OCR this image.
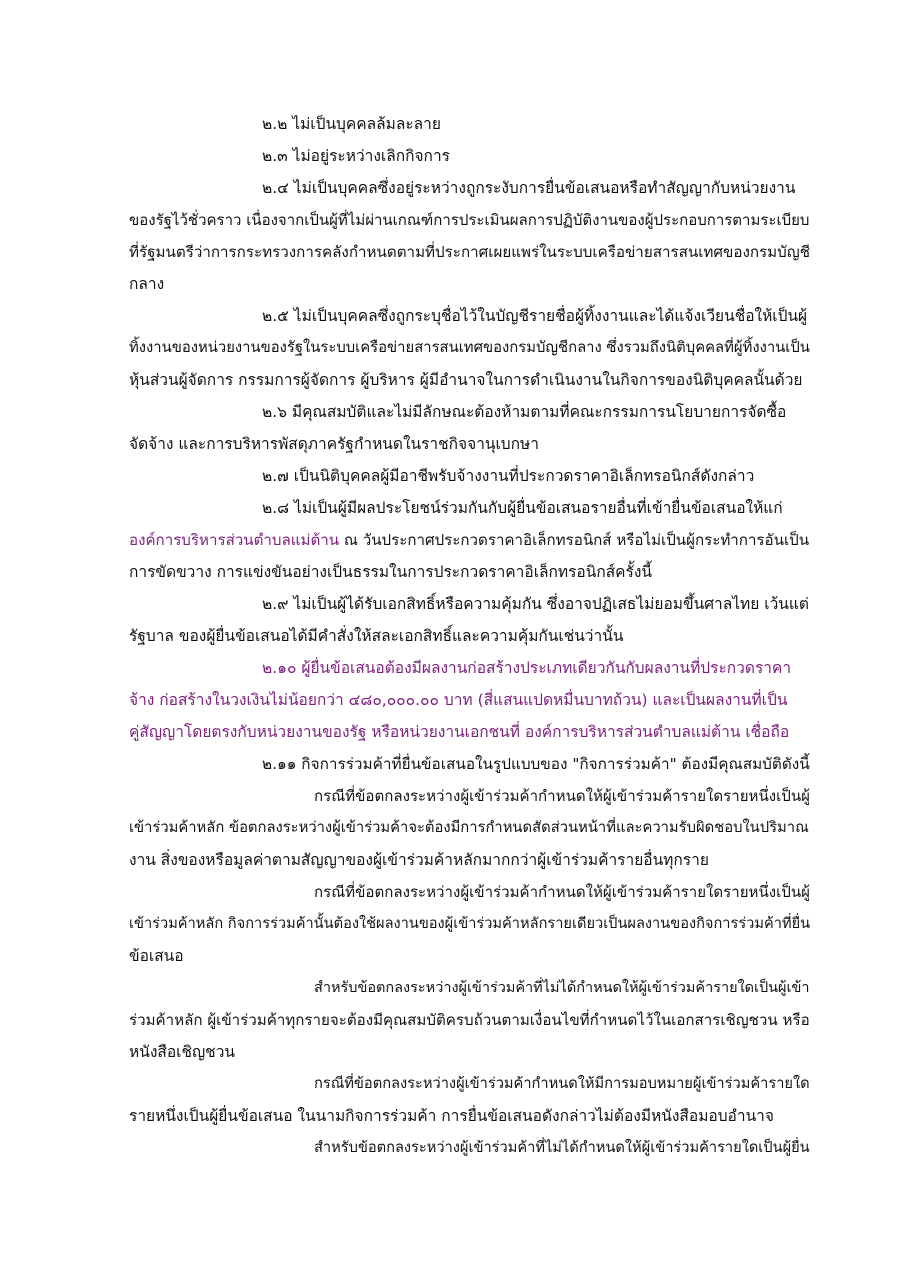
๒.๒ ไม่เป็นบุคคลล้มละลาย
๒.๓ ไม่อยู่ระหว่างเลิกกิจการ
๒.๔ ไม่เป็นบุคคลซึ่งอยู่ระหว่างถูกระงับการยื่นข้อเสนอหรือทำสัญญากับหน่วยงาน
ของรัฐไว้ชั่วคราว เนื่องจากเป็นผู้ที่ไม่ผ่านเกณฑ์การประเมินผลการปฏิบัติงานของผู้ประกอบการตามระเบียบ
ที่รัฐมนตรีว่าการกระทรวงการคลังกำหนดตามที่ประกาศเผยแพร่ในระบบเครือข่ายสารสนเทศของกรมบัญชี
กลาง
๒.๕ ไม่เป็นบุคคลซึ่งถูกระบุชื่อไว้ในบัญชีรายชื่อผู้ทิ้งงานและได้แจ้งเวียนชื่อให้เป็นผู้
ทิ้งงานของหน่วยงานของรัฐในระบบเครือข่ายสารสนเทศของกรมบัญชีกลาง ซึ่งรวมถึงนิติบุคคลที่ผู้ทิ้งงานเป็น
หุ้นส่วนผู้จัดการ กรรมการผู้จัดการ ผู้บริหาร ผู้มีอำนาจในการดำเนินงานในกิจการของนิติบุคคลนั้นด้วย
๒.๖ มีคุณสมบัติและไม่มีลักษณะต้องห้ามตามที่คณะกรรมการนโยบายการจัดซื้อ
จัดจ้าง และการบริหารพัสดุภาครัฐกำหนดในราชกิจจานุเบกษา
๒.๗ เป็นนิติบุคคลผู้มีอาชีพรับจ้างงานที่ประกวดราคาอิเล็กทรอนิกส์ดังกล่าว
๒.๘ ไม่เป็นผู้มีผลประโยชน์ร่วมกันกับผู้ยื่นข้อเสนอรายอื่นที่เข้ายื่นข้อเสนอให้แก่
องค์การบริหารส่วนตำบลแม่ต้าน ณ วันประกาศประกวดราคาอิเล็กทรอนิกส์ หรือไม่เป็นผู้กระทำการอันเป็น
การขัดขวาง การแข่งขันอย่างเป็นธรรมในการประกวดราคาอิเล็กทรอนิกส์ครั้งนี้
๒.๙ ไม่เป็นผู้ได้รับเอกสิทธิ์หรือความคุ้มกัน ซึ่งอาจปฏิเสธไม่ยอมขึ้นศาลไทย เว้นแต่
รัฐบาล ของผู้ยื่นข้อเสนอได้มีคำสั่งให้สละเอกสิทธิ์และความคุ้มกันเช่นว่านั้น
๒.๑๐ ผู้ยื่นข้อเสนอต้องมีผลงานก่อสร้างประเภทเดียวกันกับผลงานที่ประกวดราคา
จ้าง ก่อสร้างในวงเงินไม่น้อยกว่า ๔๘๐,๐๐๐.๐๐ บาท (สี่แสนแปดหมื่นบาทถ้วน) และเป็นผลงานที่เป็น
คู่สัญญาโดยตรงกับหน่วยงานของรัฐ หรือหน่วยงานเอกชนที่ องค์การบริหารส่วนตำบลแม่ต้าน เชื่อถือ
๒.๑๑ กิจการร่วมค้าที่ยื่นข้อเสนอในรูปแบบของ "กิจการร่วมค้า" ต้องมีคุณสมบัติดังนี้
กรณีที่ข้อตกลงระหว่างผู้เข้าร่วมค้ากำหนดให้ผู้เข้าร่วมค้ารายใดรายหนึ่งเป็นผู้
เข้าร่วมค้าหลัก ข้อตกลงระหว่างผู้เข้าร่วมค้าจะต้องมีการกำหนดสัดส่วนหน้าที่และความรับผิดชอบในปริมาณ
งาน สิ่งของหรือมูลค่าตามสัญญาของผู้เข้าร่วมค้าหลักมากกว่าผู้เข้าร่วมค้ารายอื่นทุกราย
กรณีที่ข้อตกลงระหว่างผู้เข้าร่วมค้ากำหนดให้ผู้เข้าร่วมค้ารายใดรายหนึ่งเป็นผู้
เข้าร่วมค้าหลัก กิจการร่วมค้านั้นต้องใช้ผลงานของผู้เข้าร่วมค้าหลักรายเดียวเป็นผลงานของกิจการร่วมค้าที่ยื่น
ข้อเสนอ
สำหรับข้อตกลงระหว่างผู้เข้าร่วมค้าที่ไม่ได้กำหนดให้ผู้เข้าร่วมค้ารายใดเป็นผู้เข้า
ร่วมค้าหลัก ผู้เข้าร่วมค้าทุกรายจะต้องมีคุณสมบัติครบถ้วนตามเงื่อนไขที่กำหนดไว้ในเอกสารเชิญชวน หรือ
หนังสือเชิญชวน
กรณีที่ข้อตกลงระหว่างผู้เข้าร่วมค้ากำหนดให้มีการมอบหมายผู้เข้าร่วมค้ารายใด
รายหนึ่งเป็นผู้ยื่นข้อเสนอ ในนามกิจการร่วมค้า การยื่นข้อเสนอดังกล่าวไม่ต้องมีหนังสือมอบอำนาจ
สำหรับข้อตกลงระหว่างผู้เข้าร่วมค้าที่ไม่ได้กำหนดให้ผู้เข้าร่วมค้ารายใดเป็นผู้ยื่น
